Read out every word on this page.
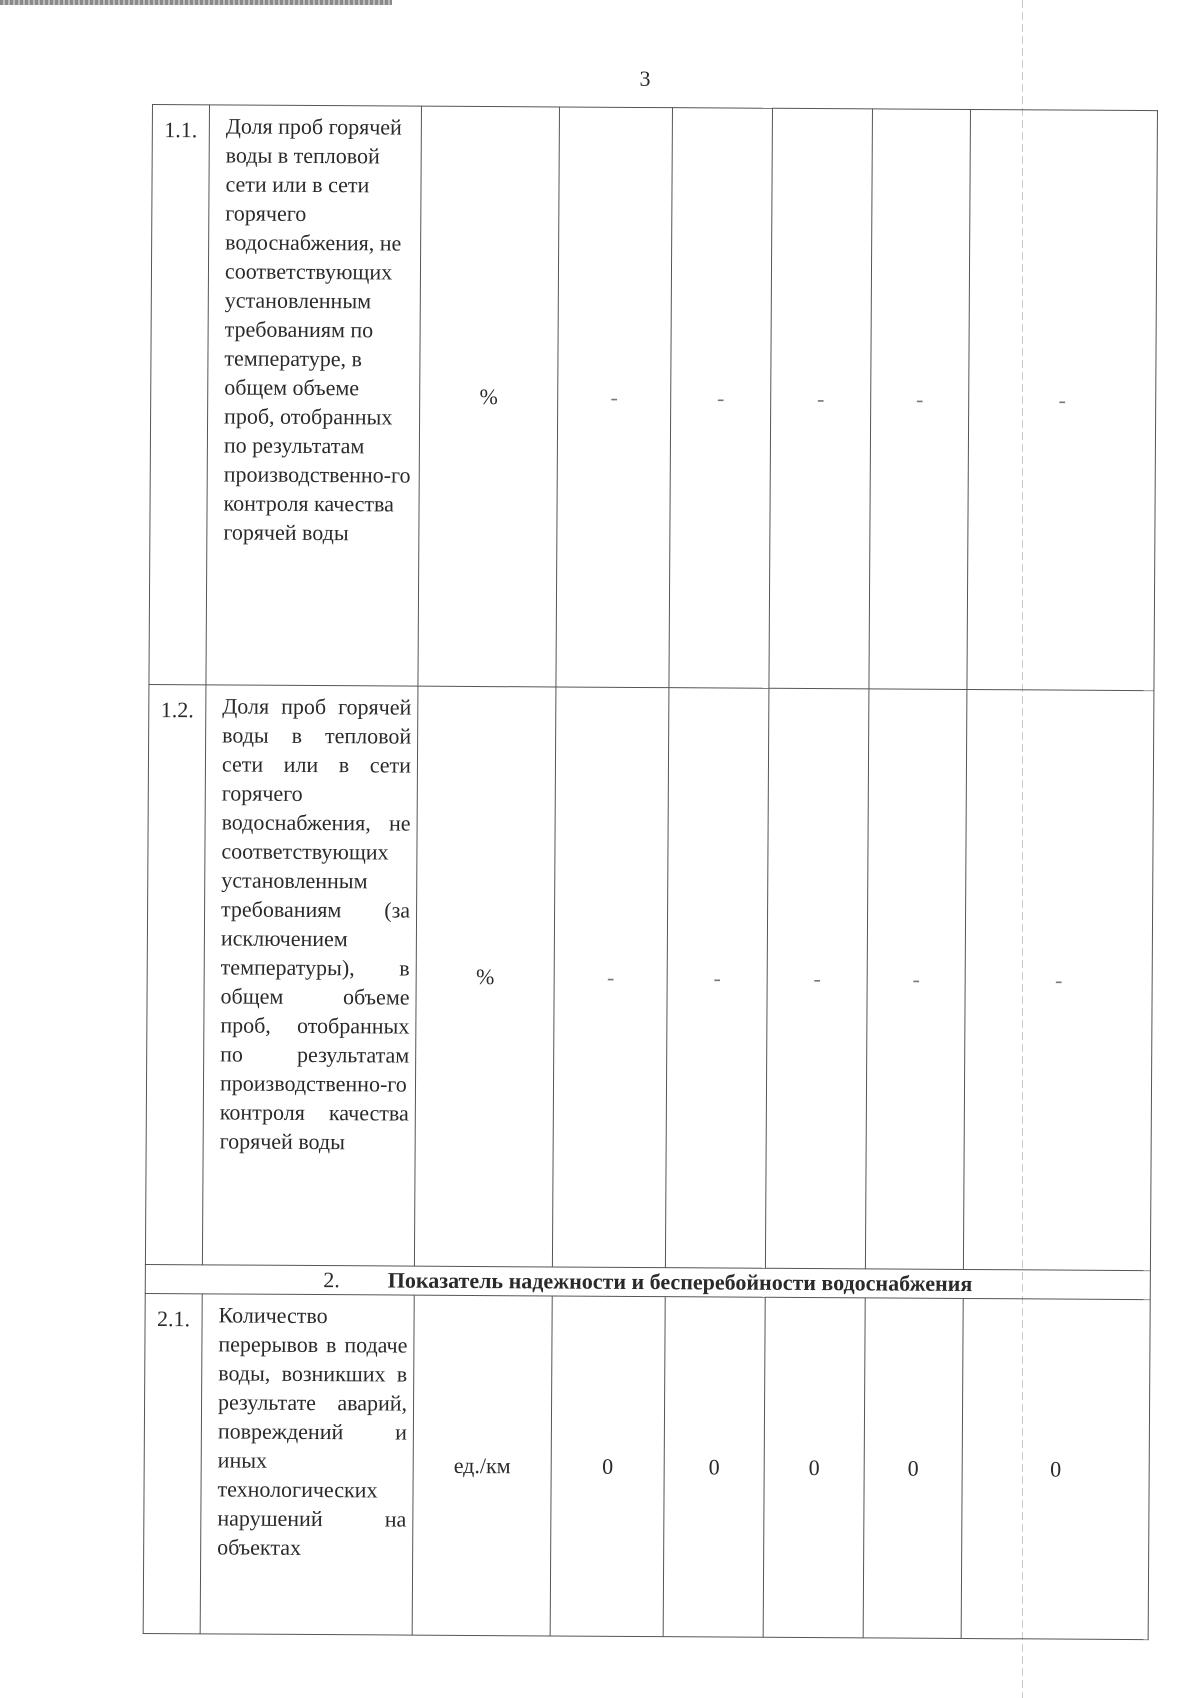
3
1.1.	Доля проб горячей воды в тепловой сети или в сети горячего водоснабжения, не соответствующих установленным требованиям по температуре, в общем объеме проб, отобранных по результатам производственно-го контроля качества горячей воды	%	-	-	-	-	-
1.2.	Доля проб горячей воды в тепловой сети или в сети горячего водоснабжения, не соответствующих установленным требованиям (за исключением температуры), в общем объеме проб, отобранных по результатам производственно-го контроля качества горячей воды	%	-	-	-	-	-
2. Показатель надежности и бесперебойности водоснабжения							
2.1.	Количество перерывов в подаче воды, возникших в результате аварий, повреждений и иных технологических нарушений на объектах	ед./км	0	0	0	0	0
